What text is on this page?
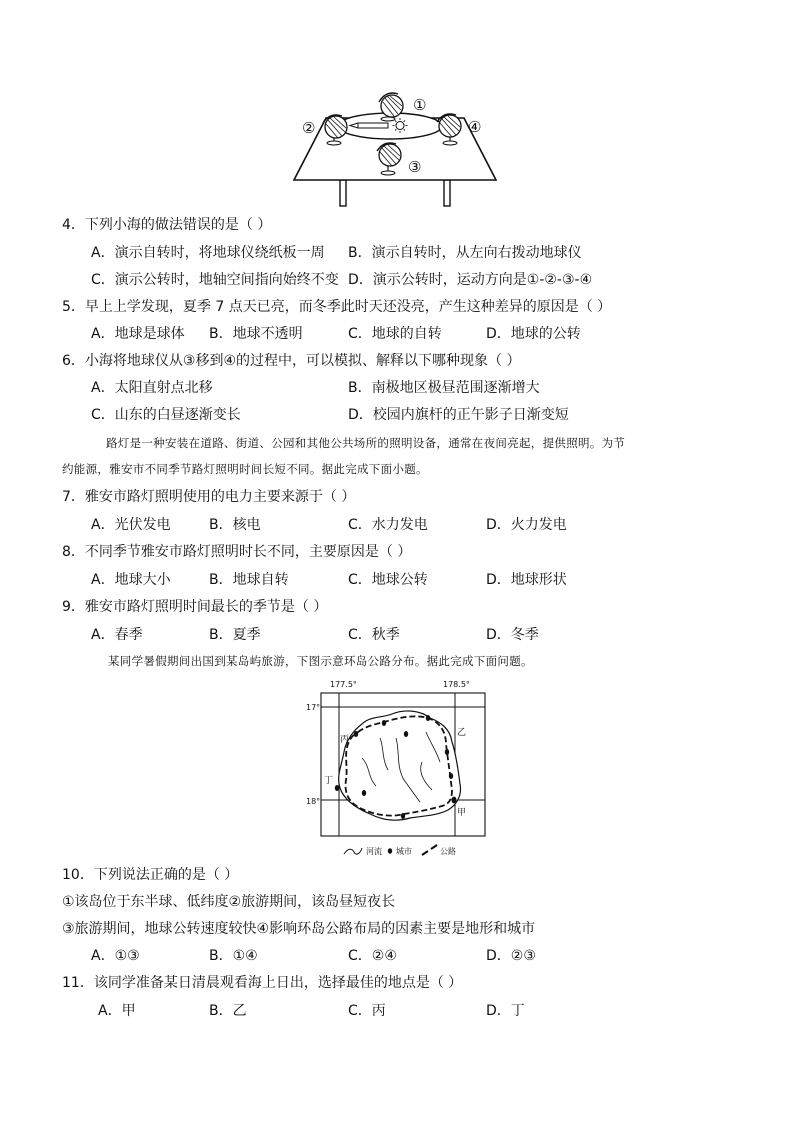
①
②
③
④
4．下列小海的做法错误的是（ ）
A．演示自转时，将地球仪绕纸板一周 B．演示自转时，从左向右拨动地球仪
C．演示公转时，地轴空间指向始终不变 D．演示公转时，运动方向是①-②-③-④
5．早上上学发现，夏季 7 点天已亮，而冬季此时天还没亮，产生这种差异的原因是（ ）
A．地球是球体 B．地球不透明	C．地球的自转	D．地球的公转
6．小海将地球仪从③移到④的过程中，可以模拟、解释以下哪种现象（ ）
A．太阳直射点北移	B．南极地区极昼范围逐渐增大
C．山东的白昼逐渐变长	D．校园内旗杆的正午影子日渐变短
路灯是一种安装在道路、街道、公园和其他公共场所的照明设备，通常在夜间亮起，提供照明。为节
约能源，雅安市不同季节路灯照明时间长短不同。据此完成下面小题。
7．雅安市路灯照明使用的电力主要来源于（ ）
A．光伏发电	B．核电	C．水力发电	D．火力发电
8．不同季节雅安市路灯照明时长不同，主要原因是（ ）
A．地球大小	B．地球自转	C．地球公转	D．地球形状
9．雅安市路灯照明时间最长的季节是（ ）
A．春季	B．夏季	C．秋季	D．冬季
某同学暑假期间出国到某岛屿旅游，下图示意环岛公路分布。据此完成下面问题。
177.5°	178.5°
17°
18°
甲
乙
丙
丁
河流 城市	公路
10．下列说法正确的是（ ）
①该岛位于东半球、低纬度②旅游期间，该岛昼短夜长
③旅游期间，地球公转速度较快④影响环岛公路布局的因素主要是地形和城市
A．①③	B．①④	C．②④	D．②③
11．该同学准备某日清晨观看海上日出，选择最佳的地点是（ ）
A．甲	B．乙	C．丙	D．丁
